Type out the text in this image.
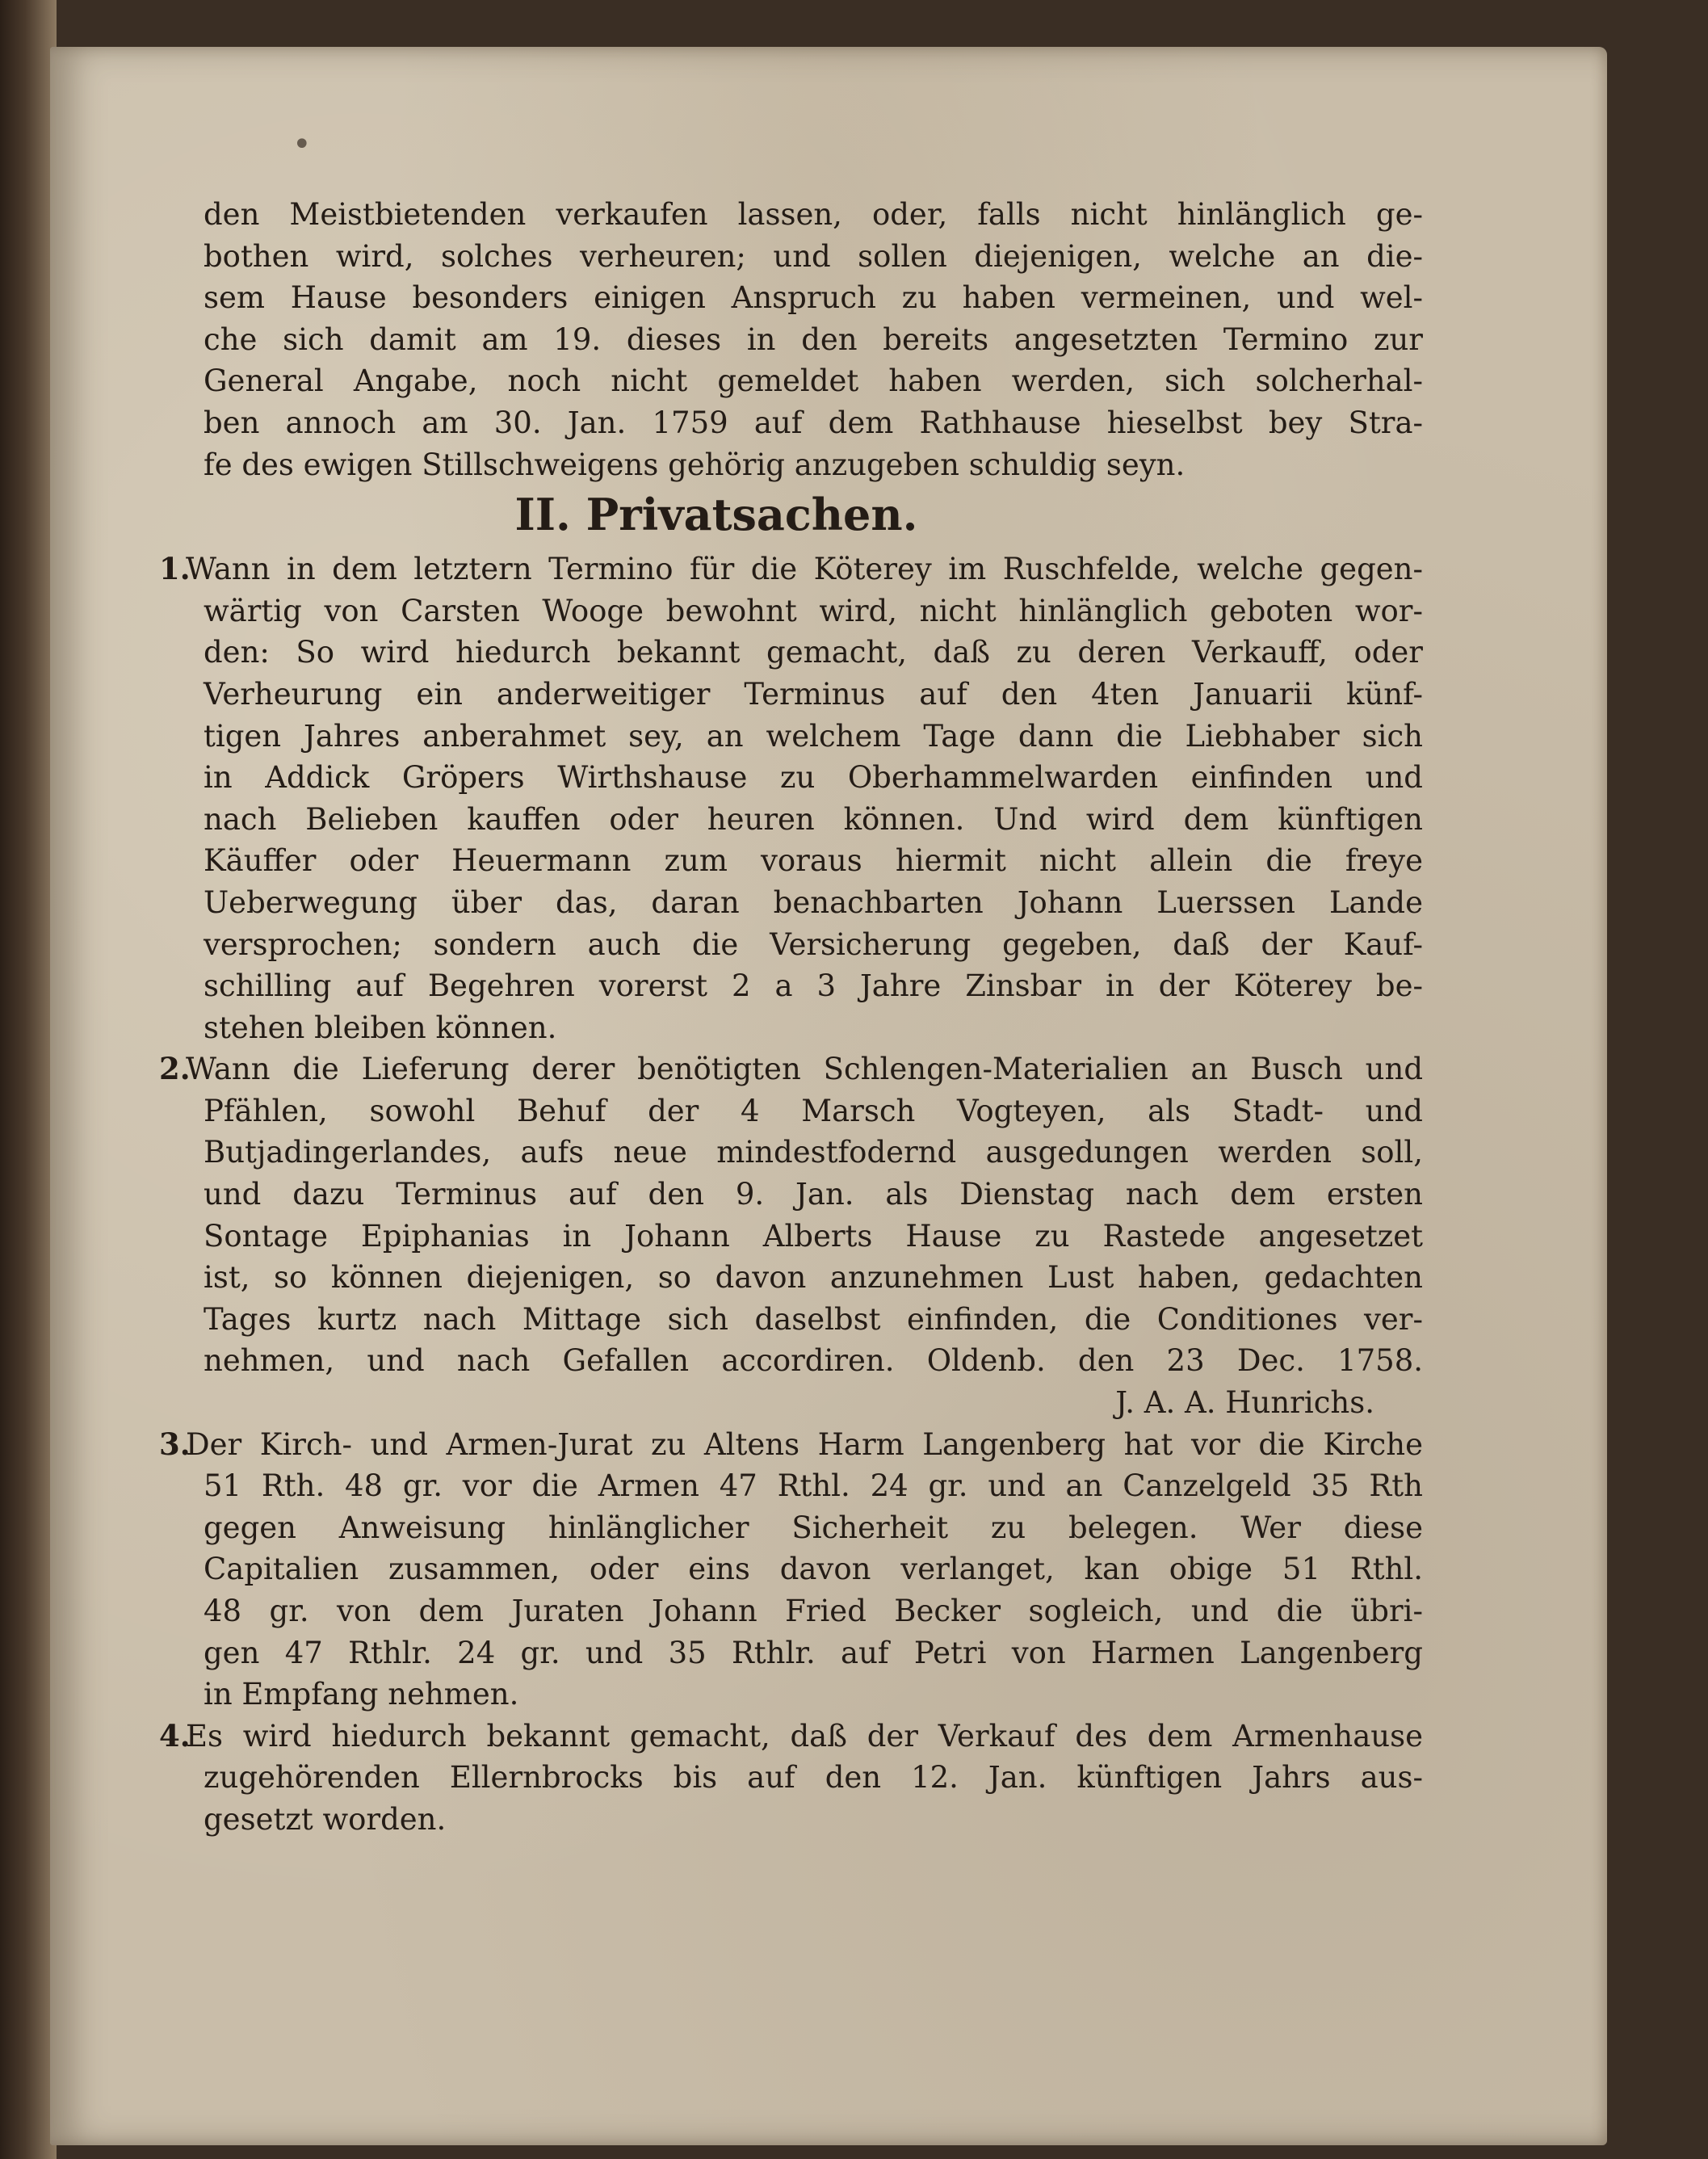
•
den Meistbietenden verkaufen lassen, oder, falls nicht hinlänglich ge-
bothen wird, solches verheuren; und sollen diejenigen, welche an die-
sem Hause besonders einigen Anspruch zu haben vermeinen, und wel-
che sich damit am 19. dieses in den bereits angesetzten Termino zur
General Angabe, noch nicht gemeldet haben werden, sich solcherhal-
ben annoch am 30. Jan. 1759 auf dem Rathhause hieselbst bey Stra-
fe des ewigen Stillschweigens gehörig anzugeben schuldig seyn.
II. Privatsachen.
1.
Wann in dem letztern Termino für die Köterey im Ruschfelde, welche gegen-
wärtig von Carsten Wooge bewohnt wird, nicht hinlänglich geboten wor-
den: So wird hiedurch bekannt gemacht, daß zu deren Verkauff, oder
Verheurung ein anderweitiger Terminus auf den 4ten Januarii künf-
tigen Jahres anberahmet sey, an welchem Tage dann die Liebhaber sich
in Addick Gröpers Wirthshause zu Oberhammelwarden einfinden und
nach Belieben kauffen oder heuren können. Und wird dem künftigen
Käuffer oder Heuermann zum voraus hiermit nicht allein die freye
Ueberwegung über das, daran benachbarten Johann Luerssen Lande
versprochen; sondern auch die Versicherung gegeben, daß der Kauf-
schilling auf Begehren vorerst 2 a 3 Jahre Zinsbar in der Köterey be-
stehen bleiben können.
2.
Wann die Lieferung derer benötigten Schlengen-Materialien an Busch und
Pfählen, sowohl Behuf der 4 Marsch Vogteyen, als Stadt- und
Butjadingerlandes, aufs neue mindestfodernd ausgedungen werden soll,
und dazu Terminus auf den 9. Jan. als Dienstag nach dem ersten
Sontage Epiphanias in Johann Alberts Hause zu Rastede angesetzet
ist, so können diejenigen, so davon anzunehmen Lust haben, gedachten
Tages kurtz nach Mittage sich daselbst einfinden, die Conditiones ver-
nehmen, und nach Gefallen accordiren. Oldenb. den 23 Dec. 1758.
J. A. A. Hunrichs.
3.
Der Kirch- und Armen-Jurat zu Altens Harm Langenberg hat vor die Kirche
51 Rth. 48 gr. vor die Armen 47 Rthl. 24 gr. und an Canzelgeld 35 Rth
gegen Anweisung hinlänglicher Sicherheit zu belegen. Wer diese
Capitalien zusammen, oder eins davon verlanget, kan obige 51 Rthl.
48 gr. von dem Juraten Johann Fried Becker sogleich, und die übri-
gen 47 Rthlr. 24 gr. und 35 Rthlr. auf Petri von Harmen Langenberg
in Empfang nehmen.
4.
Es wird hiedurch bekannt gemacht, daß der Verkauf des dem Armenhause
zugehörenden Ellernbrocks bis auf den 12. Jan. künftigen Jahrs aus-
gesetzt worden.
